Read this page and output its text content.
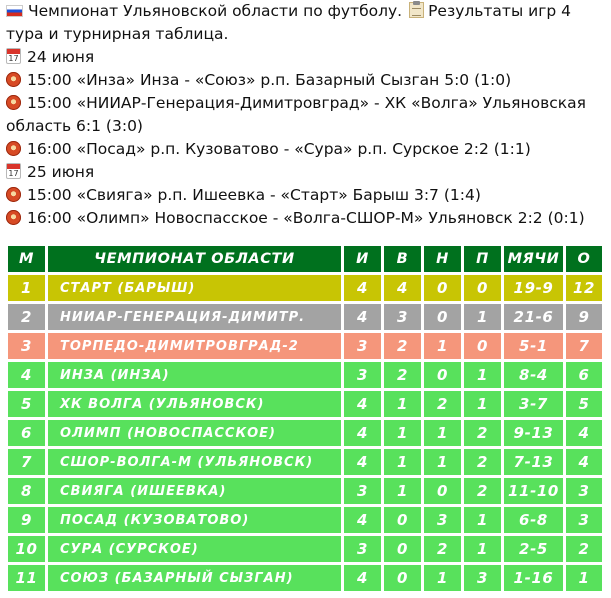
Чемпионат Ульяновской области по футболу. Результаты игр 4 тура и турнирная таблица.
1724 июня
15:00 «Инза» Инза - «Союз» р.п. Базарный Сызган 5:0 (1:0)
15:00 «НИИАР-Генерация-Димитровград» - ХК «Волга» Ульяновская область 6:1 (3:0)
16:00 «Посад» р.п. Кузоватово - «Сура» р.п. Сурское 2:2 (1:1)
1725 июня
15:00 «Свияга» р.п. Ишеевка - «Старт» Барыш 3:7 (1:4)
16:00 «Олимп» Новоспасское - «Волга-СШОР-М» Ульяновск 2:2 (0:1)
М	ЧЕМПИОНАТ ОБЛАСТИ	И	В	Н	П	МЯЧИ	О
1	СТАРТ (БАРЫШ)	4	4	0	0	19-9	12
2	НИИАР-ГЕНЕРАЦИЯ-ДИМИТР.	4	3	0	1	21-6	9
3	ТОРПЕДО-ДИМИТРОВГРАД-2	3	2	1	0	5-1	7
4	ИНЗА (ИНЗА)	3	2	0	1	8-4	6
5	ХК ВОЛГА (УЛЬЯНОВСК)	4	1	2	1	3-7	5
6	ОЛИМП (НОВОСПАССКОЕ)	4	1	1	2	9-13	4
7	СШОР-ВОЛГА-М (УЛЬЯНОВСК)	4	1	1	2	7-13	4
8	СВИЯГА (ИШЕЕВКА)	3	1	0	2	11-10	3
9	ПОСАД (КУЗОВАТОВО)	4	0	3	1	6-8	3
10	СУРА (СУРСКОЕ)	3	0	2	1	2-5	2
11	СОЮЗ (БАЗАРНЫЙ СЫЗГАН)	4	0	1	3	1-16	1
